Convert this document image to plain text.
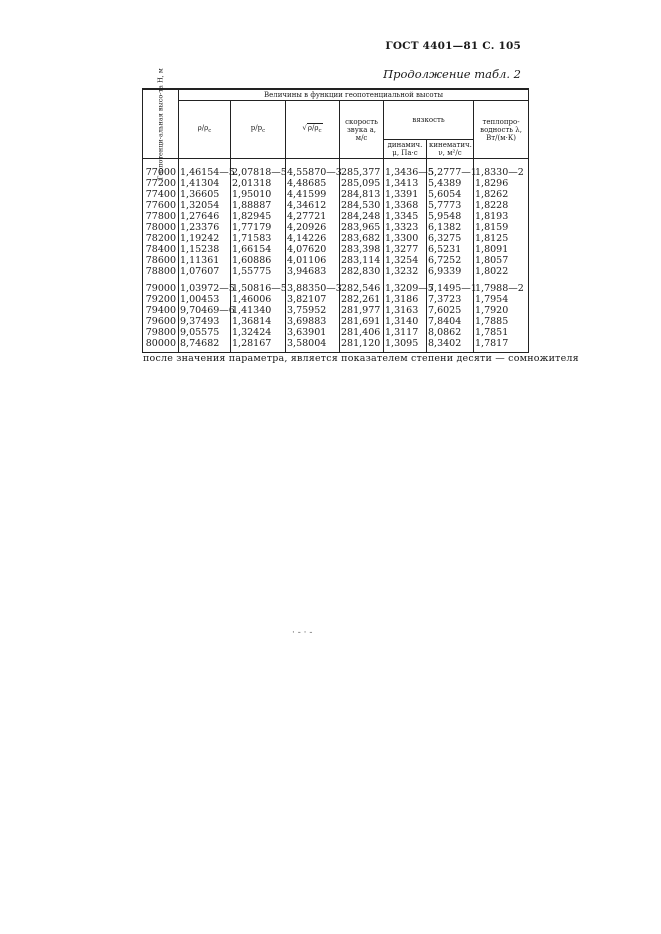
ГОСТ 4401—81 С. 105
Продолжение табл. 2
Геопотенци-альная высо-та H, м	Величины в функции геопотенциальной высоты						
	$\rho/\rho_c$	$p/p_c$	$√\rho/\rho_c$	скорость звука a, м/с	вязкость		теплопро-водность λ, Вт/(м·К)
					динамич. μ, Па·с	кинематич. ν, м²/с	
77000	1,46154—5	2,07818—5	4,55870—3	285,377	1,3436—5	5,2777—1	1,8330—2
77200	1,41304	2,01318	4,48685	285,095	1,3413	5,4389	1,8296
77400	1,36605	1,95010	4,41599	284,813	1,3391	5,6054	1,8262
77600	1,32054	1,88887	4,34612	284,530	1,3368	5,7773	1,8228
77800	1,27646	1,82945	4,27721	284,248	1,3345	5,9548	1,8193
78000	1,23376	1,77179	4,20926	283,965	1,3323	6,1382	1,8159
78200	1,19242	1,71583	4,14226	283,682	1,3300	6,3275	1,8125
78400	1,15238	1,66154	4,07620	283,398	1,3277	6,5231	1,8091
78600	1,11361	1,60886	4,01106	283,114	1,3254	6,7252	1,8057
78800	1,07607	1,55775	3,94683	282,830	1,3232	6,9339	1,8022
79000	1,03972—5	1,50816—5	3,88350—3	282,546	1,3209—5	7,1495—1	1,7988—2
79200	1,00453	1,46006	3,82107	282,261	1,3186	7,3723	1,7954
79400	9,70469—6	1,41340	3,75952	281,977	1,3163	7,6025	1,7920
79600	9,37493	1,36814	3,69883	281,691	1,3140	7,8404	1,7885
79800	9,05575	1,32424	3,63901	281,406	1,3117	8,0862	1,7851
80000	8,74682	1,28167	3,58004	281,120	1,3095	8,3402	1,7817
после значения параметра, является показателем степени десяти — сомножителя
· - · -
